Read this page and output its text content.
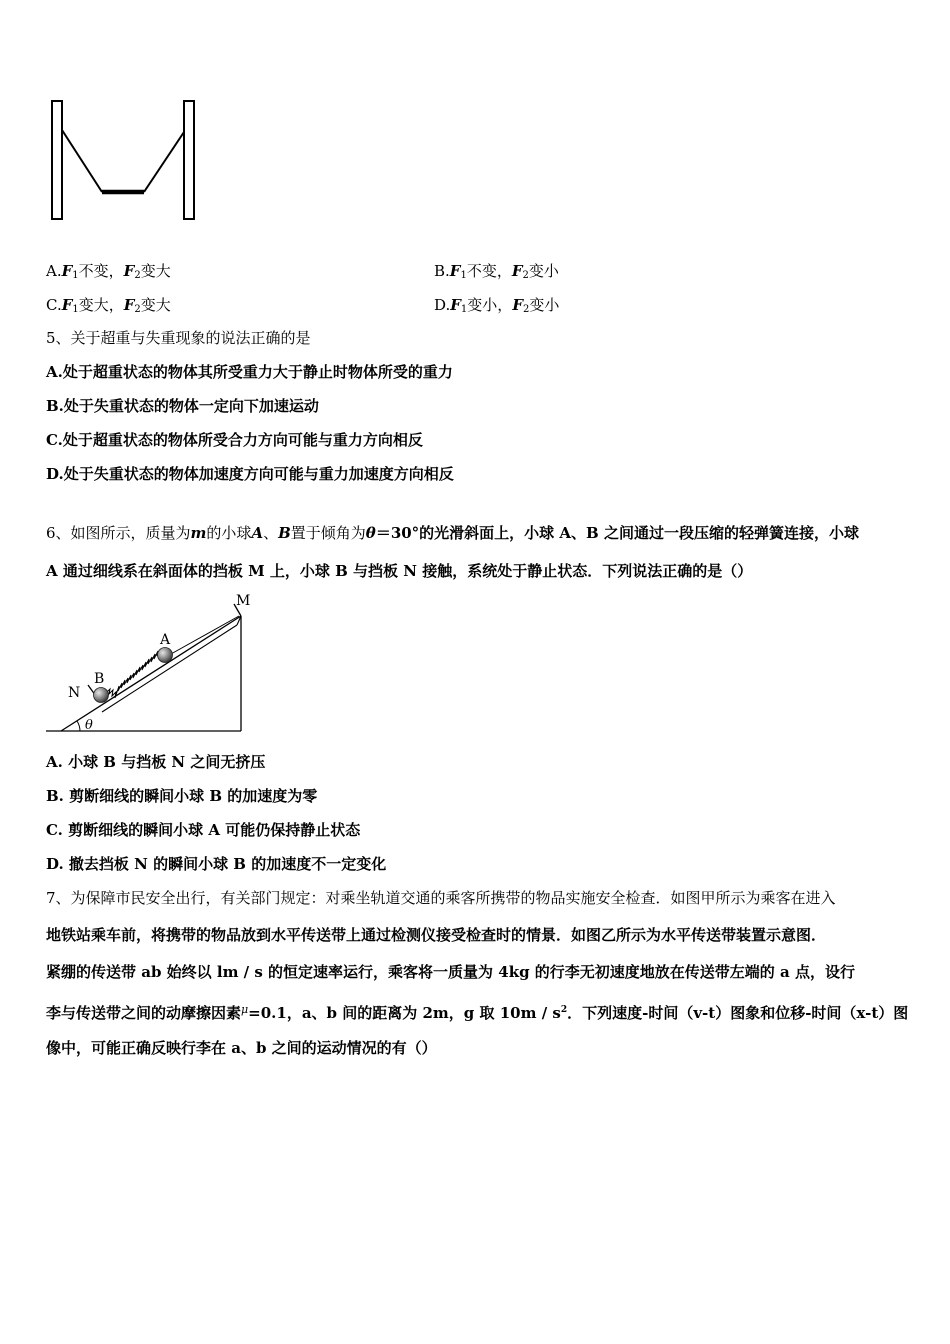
$A.F_1$不变，$F_2$变大	$B.F_1$不变，$F_2$变小
$C.F_1$变大，$F_2$变大	$D.F_1$变小，$F_2$变小
5、关于超重与失重现象的说法正确的是
A.处于超重状态的物体其所受重力大于静止时物体所受的重力
B.处于失重状态的物体一定向下加速运动
C.处于超重状态的物体所受合力方向可能与重力方向相反
D.处于失重状态的物体加速度方向可能与重力加速度方向相反
6、如图所示，质量为m的小球A、B置于倾角为θ＝30°的光滑斜面上，小球 A、B 之间通过一段压缩的轻弹簧连接，小球
A 通过细线系在斜面体的挡板 M 上，小球 B 与挡板 N 接触，系统处于静止状态．下列说法正确的是（）
M
N
A
B
θ
A. 小球 B 与挡板 N 之间无挤压
B. 剪断细线的瞬间小球 B 的加速度为零
C. 剪断细线的瞬间小球 A 可能仍保持静止状态
D. 撤去挡板 N 的瞬间小球 B 的加速度不一定变化
7、为保障市民安全出行，有关部门规定：对乘坐轨道交通的乘客所携带的物品实施安全检查．如图甲所示为乘客在进入
地铁站乘车前，将携带的物品放到水平传送带上通过检测仪接受检查时的情景．如图乙所示为水平传送带装置示意图．
紧绷的传送带 ab 始终以 lm / s 的恒定速率运行，乘客将一质量为 4kg 的行李无初速度地放在传送带左端的 a 点，设行
李与传送带之间的动摩擦因素$^\mu$=0.1，a、b 间的距离为 2m，g 取 $10m / s^2$．下列速度-时间（v-t）图象和位移-时间（x-t）图
像中，可能正确反映行李在 a、b 之间的运动情况的有（）
